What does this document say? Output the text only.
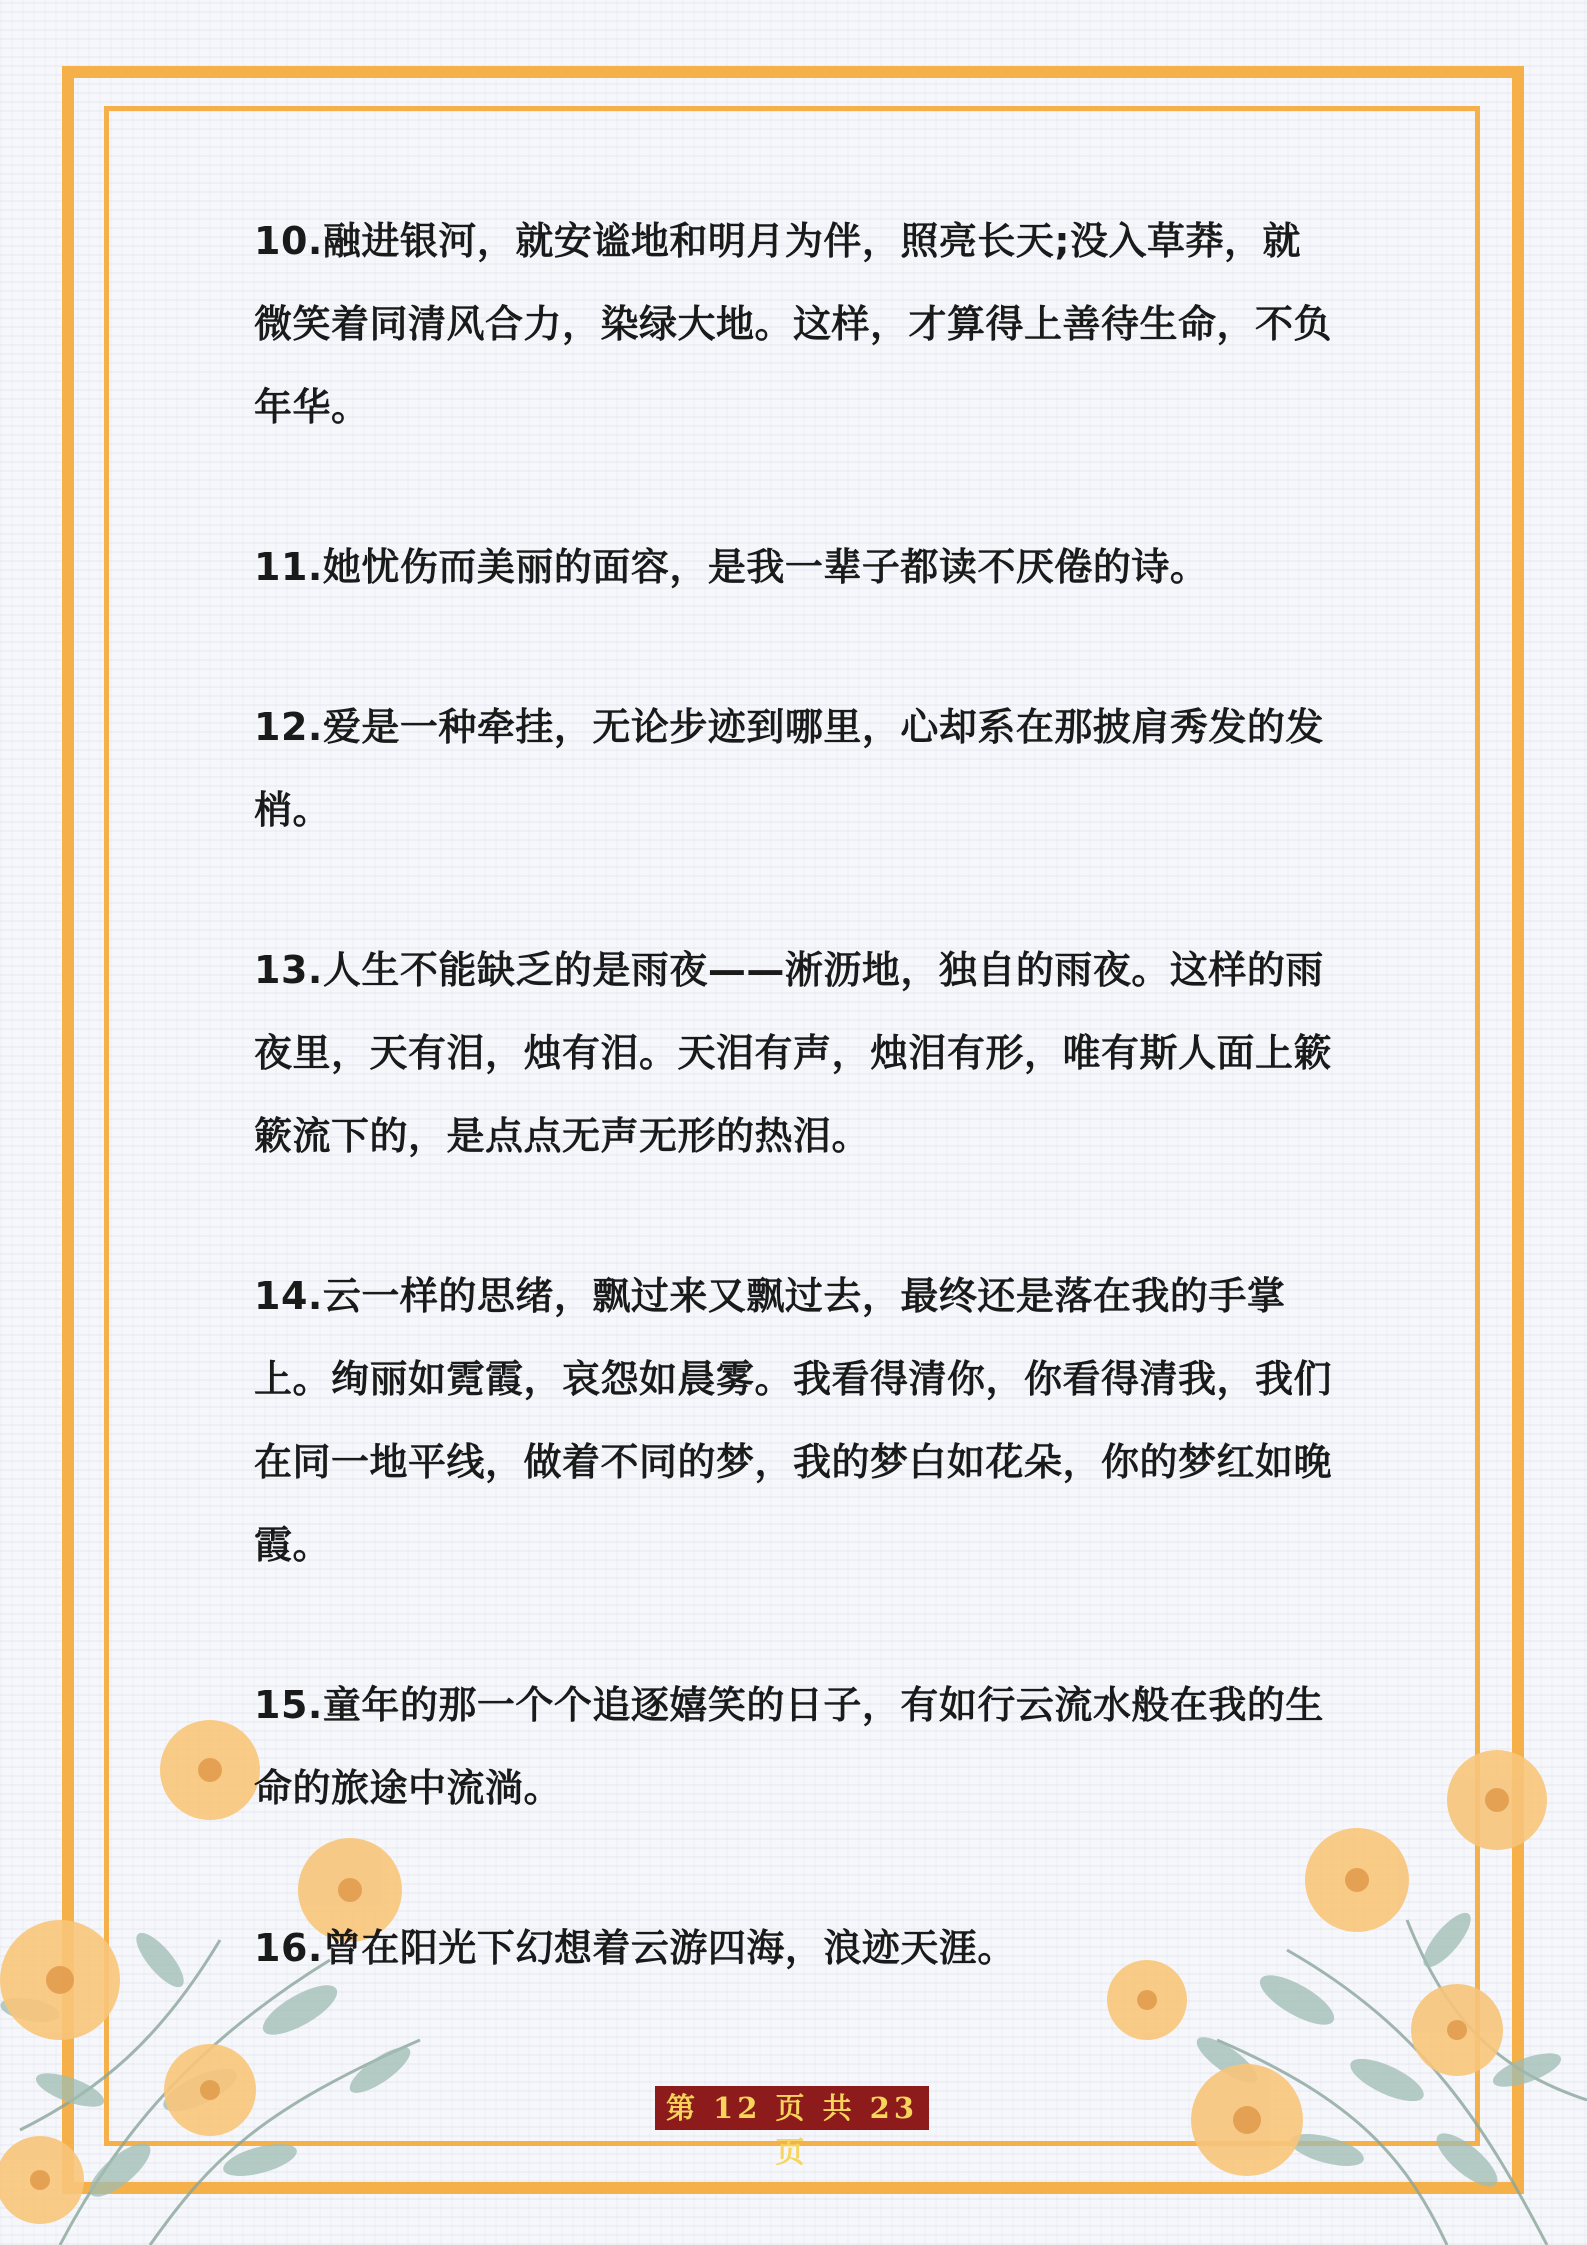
10.融进银河，就安谧地和明月为伴，照亮长天;没入草莽，就微笑着同清风合力，染绿大地。这样，才算得上善待生命，不负年华。

11.她忧伤而美丽的面容，是我一辈子都读不厌倦的诗。

12.爱是一种牵挂，无论步迹到哪里，心却系在那披肩秀发的发梢。

13.人生不能缺乏的是雨夜——淅沥地，独自的雨夜。这样的雨夜里，天有泪，烛有泪。天泪有声，烛泪有形，唯有斯人面上簌簌流下的，是点点无声无形的热泪。

14.云一样的思绪，飘过来又飘过去，最终还是落在我的手掌上。绚丽如霓霞，哀怨如晨雾。我看得清你，你看得清我，我们在同一地平线，做着不同的梦，我的梦白如花朵，你的梦红如晚霞。

15.童年的那一个个追逐嬉笑的日子，有如行云流水般在我的生命的旅途中流淌。

16.曾在阳光下幻想着云游四海，浪迹天涯。

第 12 页 共 23 页
